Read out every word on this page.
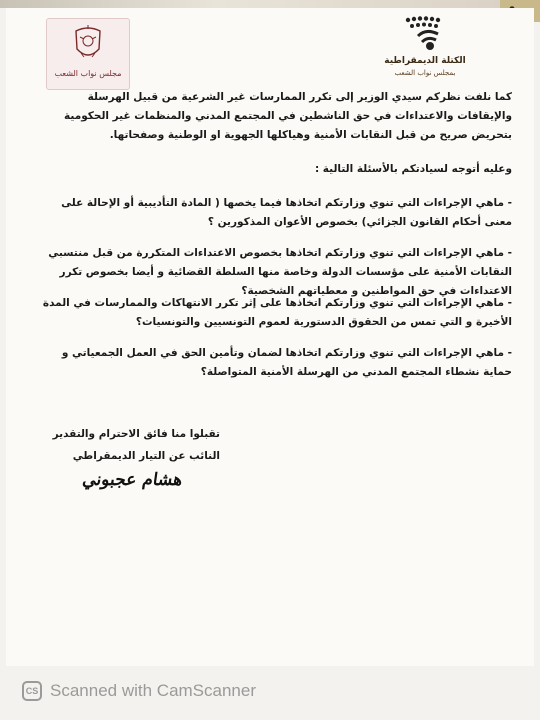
مجلس نواب الشعب
الكتلة الديمقراطية
بمجلس نواب الشعب
كما نلفت نظركم سيدي الوزير إلى تكرر الممارسات غير الشرعية من قبيل الهرسلة والإيقافات والاعتداءات في حق الناشطين في المجتمع المدني والمنظمات غير الحكومية بتحريض صريح من قبل النقابات الأمنية وهياكلها الجهوية او الوطنية وصفحاتها.
وعليه أتوجه لسيادتكم بالأسئلة التالية :
- ماهي الإجراءات التي تنوي وزارتكم اتخاذها فيما يخصها ( المادة التأديبية أو الإحالة على معنى أحكام القانون الجزائي) بخصوص الأعوان المذكورين ؟
- ماهي الإجراءات التي تنوي وزارتكم اتخاذها بخصوص الاعتداءات المتكررة من قبل منتسبي النقابات الأمنية على مؤسسات الدولة وخاصة منها السلطة القضائية و أيضا بخصوص تكرر الاعتداءات في حق المواطنين و معطياتهم الشخصية؟
- ماهي الإجراءات التي تنوي وزارتكم اتخاذها على إثر تكرر الانتهاكات والممارسات في المدة الأخيرة و التي تمس من الحقوق الدستورية لعموم التونسيين والتونسيات؟
- ماهي الإجراءات التي تنوي وزارتكم اتخاذها لضمان وتأمين الحق في العمل الجمعياتي و حماية نشطاء المجتمع المدني من الهرسلة الأمنية المتواصلة؟
تقبلوا منا فائق الاحترام والتقدير
النائب عن التيار الديمقراطي
هشام عجبوني
CS Scanned with CamScanner
